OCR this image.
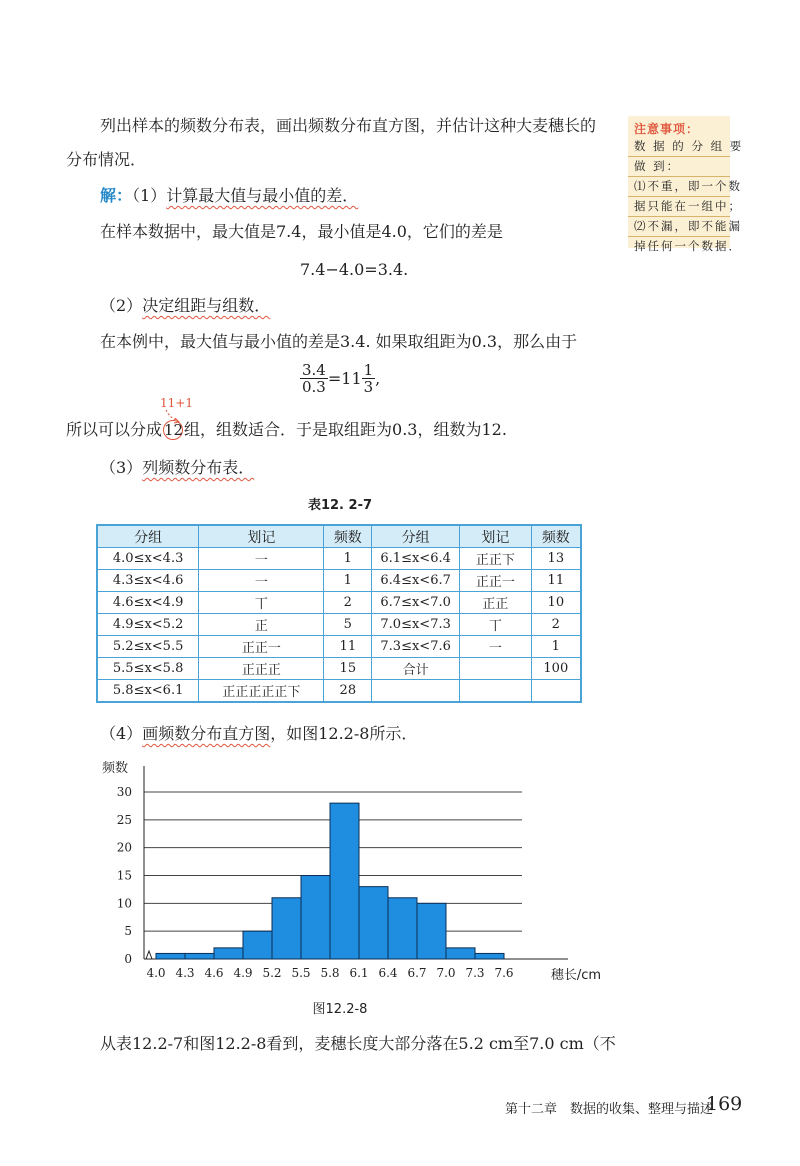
列出样本的频数分布表，画出频数分布直方图，并估计这种大麦穗长的
分布情况．
解：（1）计算最大值与最小值的差．
在样本数据中，最大值是7.4，最小值是4.0，它们的差是
7.4−4.0=3.4.
（2）决定组距与组数．
在本例中，最大值与最小值的差是3.4. 如果取组距为0.3，那么由于
$\frac{3.4}{0.3} =11 \frac{1}{3}$ ,
11+1
所以可以分成 12组，组数适合．于是取组距为0.3，组数为12.
（3）列频数分布表．
表12. 2-7
注意事项：
数 据 的 分 组 要
做 到：
⑴不重，即一个数
据只能在一组中；
⑵不漏，即不能漏
掉任何一个数据．
分组	划记	频数	分组	划记	频数
4.0≤x<4.3	一	1	6.1≤x<6.4	正正下	13
4.3≤x<4.6	一	1	6.4≤x<6.7	正正一	11
4.6≤x<4.9	丅	2	6.7≤x<7.0	正正	10
4.9≤x<5.2	正	5	7.0≤x<7.3	丅	2
5.2≤x<5.5	正正一	11	7.3≤x<7.6	一	1
5.5≤x<5.8	正正正	15	合计		100
5.8≤x<6.1	正正正正正下	28			
（4）画频数分布直方图，如图12.2-8所示．
频数
0
5
10
15
20
25
30
4.0 4.3 4.6 4.9 5.2 5.5 5.8 6.1 6.4 6.7 7.0 7.3 7.6	穗长/cm
图12.2-8
从表12.2-7和图12.2-8看到，麦穗长度大部分落在5.2 cm至7.0 cm（不
第十二章　数据的收集、整理与描述
169
